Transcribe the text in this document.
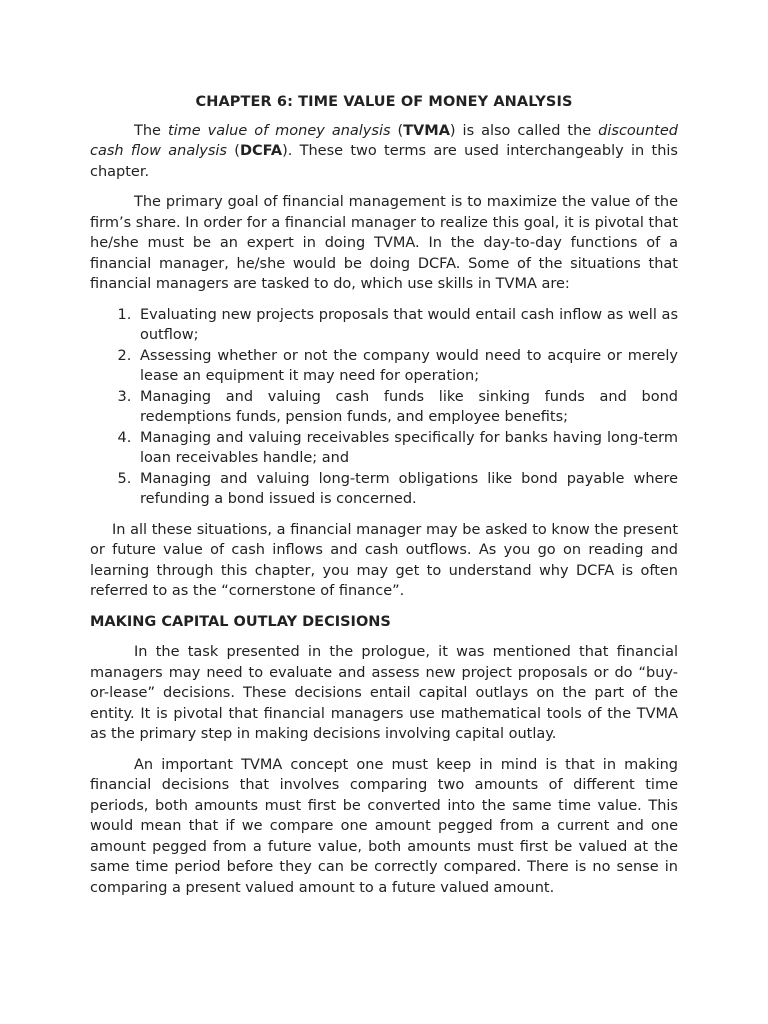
CHAPTER 6: TIME VALUE OF MONEY ANALYSIS

The time value of money analysis (TVMA) is also called the discounted cash flow analysis (DCFA). These two terms are used interchangeably in this chapter.

The primary goal of financial management is to maximize the value of the firm’s share. In order for a financial manager to realize this goal, it is pivotal that he/she must be an expert in doing TVMA. In the day-to-day functions of a financial manager, he/she would be doing DCFA. Some of the situations that financial managers are tasked to do, which use skills in TVMA are:

1. Evaluating new projects proposals that would entail cash inflow as well as outflow;
2. Assessing whether or not the company would need to acquire or merely lease an equipment it may need for operation;
3. Managing and valuing cash funds like sinking funds and bond redemptions funds, pension funds, and employee benefits;
4. Managing and valuing receivables specifically for banks having long-term loan receivables handle; and
5. Managing and valuing long-term obligations like bond payable where refunding a bond issued is concerned.

In all these situations, a financial manager may be asked to know the present or future value of cash inflows and cash outflows. As you go on reading and learning through this chapter, you may get to understand why DCFA is often referred to as the “cornerstone of finance”.

MAKING CAPITAL OUTLAY DECISIONS

In the task presented in the prologue, it was mentioned that financial managers may need to evaluate and assess new project proposals or do “buy-or-lease” decisions. These decisions entail capital outlays on the part of the entity. It is pivotal that financial managers use mathematical tools of the TVMA as the primary step in making decisions involving capital outlay.

An important TVMA concept one must keep in mind is that in making financial decisions that involves comparing two amounts of different time periods, both amounts must first be converted into the same time value. This would mean that if we compare one amount pegged from a current and one amount pegged from a future value, both amounts must first be valued at the same time period before they can be correctly compared. There is no sense in comparing a present valued amount to a future valued amount.
